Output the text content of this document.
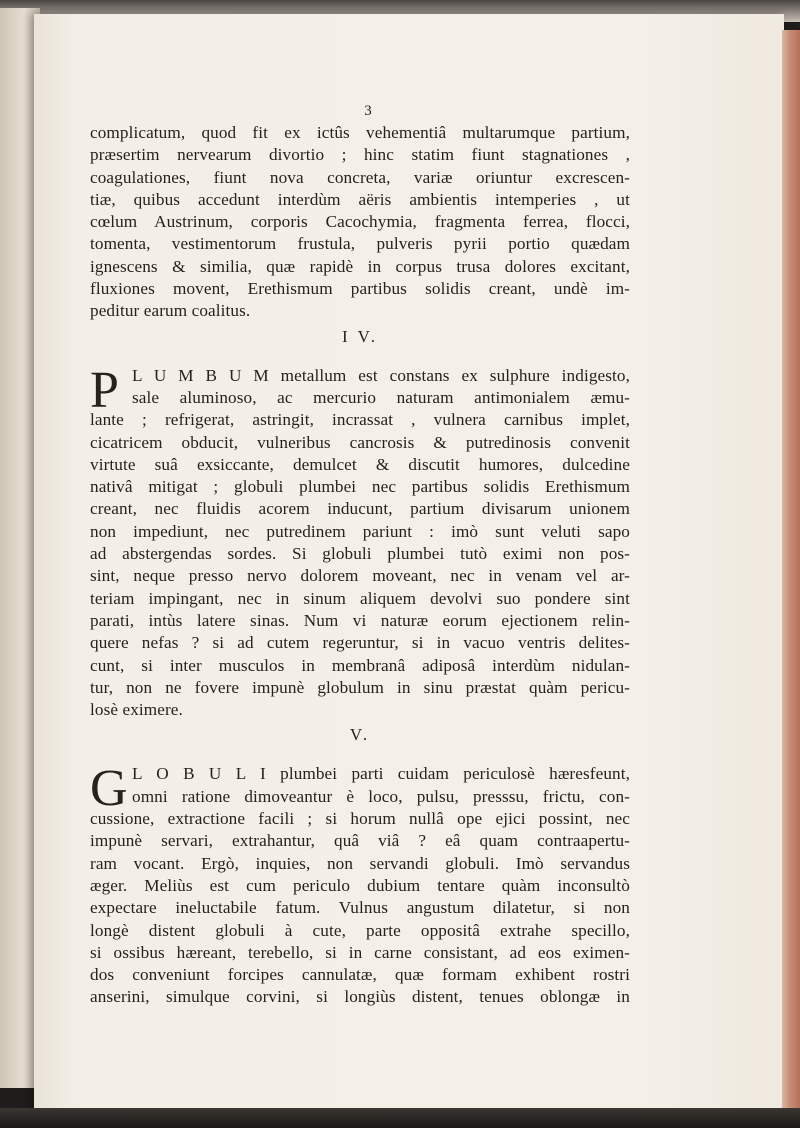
3
complicatum, quod fit ex ictûs vehementiâ multarumque partium,
præsertim nervearum divortio ; hinc statim fiunt stagnationes ,
coagulationes, fiunt nova concreta, variæ oriuntur excrescen-
tiæ, quibus accedunt interdùm aëris ambientis intemperies , ut
cœlum Austrinum, corporis Cacochymia, fragmenta ferrea, flocci,
tomenta, vestimentorum frustula, pulveris pyrii portio quædam
ignescens & similia, quæ rapidè in corpus trusa dolores excitant,
fluxiones movent, Erethismum partibus solidis creant, undè im-
peditur earum coalitus.
I V.
P L U M B U M metallum est constans ex sulphure indigesto,
sale aluminoso, ac mercurio naturam antimonialem æmu-
lante ; refrigerat, astringit, incrassat , vulnera carnibus implet,
cicatricem obducit, vulneribus cancrosis & putredinosis convenit
virtute suâ exsiccante, demulcet & discutit humores, dulcedine
nativâ mitigat ; globuli plumbei nec partibus solidis Erethismum
creant, nec fluidis acorem inducunt, partium divisarum unionem
non impediunt, nec putredinem pariunt : imò sunt veluti sapo
ad abstergendas sordes. Si globuli plumbei tutò eximi non pos-
sint, neque presso nervo dolorem moveant, nec in venam vel ar-
teriam impingant, nec in sinum aliquem devolvi suo pondere sint
parati, intùs latere sinas. Num vi naturæ eorum ejectionem relin-
quere nefas ? si ad cutem regeruntur, si in vacuo ventris delites-
cunt, si inter musculos in membranâ adiposâ interdùm nidulan-
tur, non ne fovere impunè globulum in sinu præstat quàm pericu-
losè eximere.
V.
G L O B U L I plumbei parti cuidam periculosè hæresfeunt,
omni ratione dimoveantur è loco, pulsu, presssu, frictu, con-
cussione, extractione facili ; si horum nullâ ope ejici possint, nec
impunè servari, extrahantur, quâ viâ ? eâ quam contraapertu-
ram vocant. Ergò, inquies, non servandi globuli. Imò servandus
æger. Meliùs est cum periculo dubium tentare quàm inconsultò
expectare ineluctabile fatum. Vulnus angustum dilatetur, si non
longè distent globuli à cute, parte oppositâ extrahe specillo,
si ossibus hæreant, terebello, si in carne consistant, ad eos eximen-
dos conveniunt forcipes cannulatæ, quæ formam exhibent rostri
anserini, simulque corvini, si longiùs distent, tenues oblongæ in
